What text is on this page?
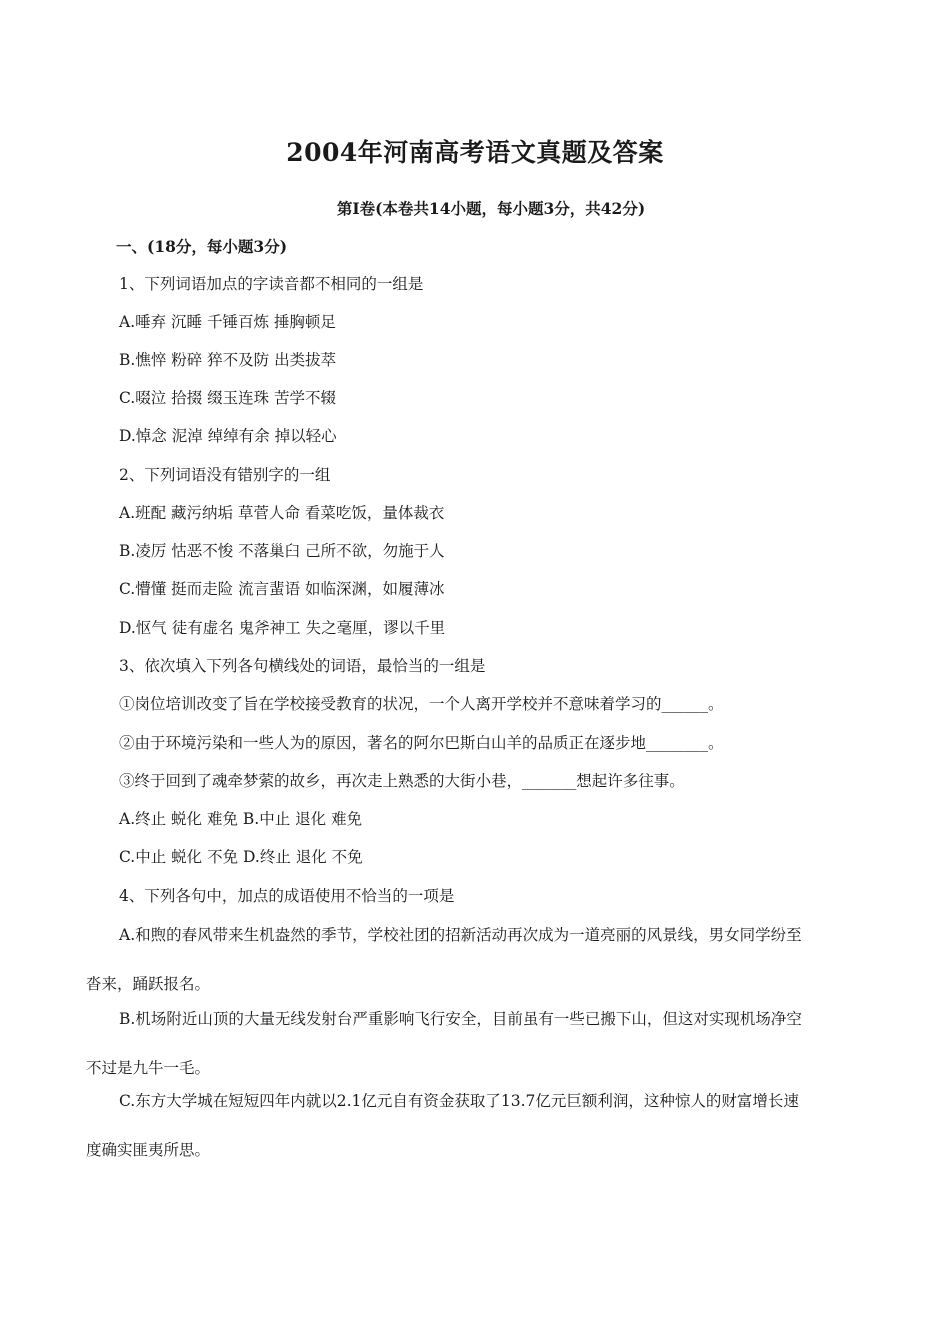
2004年河南高考语文真题及答案
第Ⅰ卷(本卷共14小题，每小题3分，共42分)
一、(18分，每小题3分)
1、下列词语加点的字读音都不相同的一组是
A.唾弃 沉睡 千锤百炼 捶胸顿足
B.憔悴 粉碎 猝不及防 出类拔萃
C.啜泣 拾掇 缀玉连珠 苦学不辍
D.悼念 泥淖 绰绰有余 掉以轻心
2、下列词语没有错别字的一组
A.班配 藏污纳垢 草菅人命 看菜吃饭，量体裁衣
B.凌厉 怙恶不悛 不落巢臼 己所不欲，勿施于人
C.懵懂 挺而走险 流言蜚语 如临深渊，如履薄冰
D.怄气 徒有虚名 鬼斧神工 失之毫厘，谬以千里
3、依次填入下列各句横线处的词语，最恰当的一组是
①岗位培训改变了旨在学校接受教育的状况，一个人离开学校并不意味着学习的______。
②由于环境污染和一些人为的原因，著名的阿尔巴斯白山羊的品质正在逐步地________。
③终于回到了魂牵梦萦的故乡，再次走上熟悉的大街小巷，_______想起许多往事。
A.终止 蜕化 难免 B.中止 退化 难免
C.中止 蜕化 不免 D.终止 退化 不免
4、下列各句中，加点的成语使用不恰当的一项是
A.和煦的春风带来生机盎然的季节，学校社团的招新活动再次成为一道亮丽的风景线，男女同学纷至
沓来，踊跃报名。
B.机场附近山顶的大量无线发射台严重影响飞行安全，目前虽有一些已搬下山，但这对实现机场净空
不过是九牛一毛。
C.东方大学城在短短四年内就以2.1亿元自有资金获取了13.7亿元巨额利润，这种惊人的财富增长速
度确实匪夷所思。
